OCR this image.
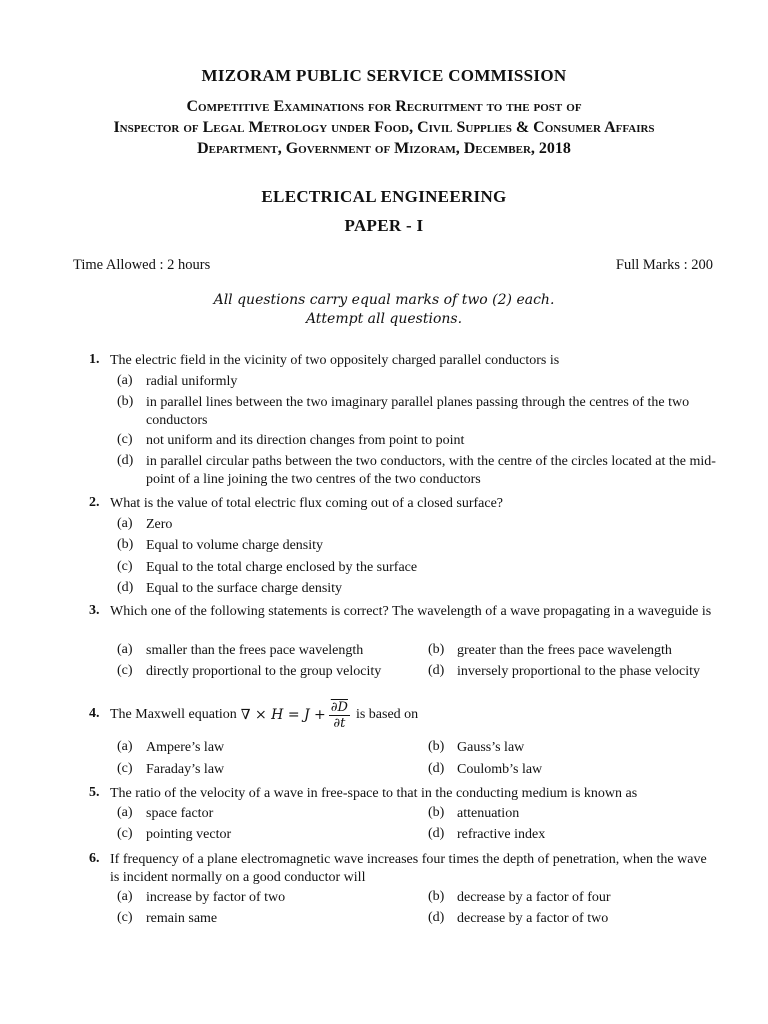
MIZORAM PUBLIC SERVICE COMMISSION
Competitive Examinations for Recruitment to the post of
Inspector of Legal Metrology under Food, Civil Supplies & Consumer Affairs
Department, Government of Mizoram, December, 2018
ELECTRICAL ENGINEERING
PAPER - I
Time Allowed : 2 hours	Full Marks : 200
All questions carry equal marks of two (2) each.
Attempt all questions.
1. The electric field in the vicinity of two oppositely charged parallel conductors is
(a) radial uniformly
(b) in parallel lines between the two imaginary parallel planes passing through the centres of the two conductors
(c) not uniform and its direction changes from point to point
(d) in parallel circular paths between the two conductors, with the centre of the circles located at the mid-point of a line joining the two centres of the two conductors
2. What is the value of total electric flux coming out of a closed surface?
(a) Zero
(b) Equal to volume charge density
(c) Equal to the total charge enclosed by the surface
(d) Equal to the surface charge density
3. Which one of the following statements is correct? The wavelength of a wave propagating in a waveguide is
(a) smaller than the frees pace wavelength	(b) greater than the frees pace wavelength
(c) directly proportional to the group velocity	(d) inversely proportional to the phase velocity
4. The Maxwell equation ∇ × $H = J + \frac{\partial D}{\partial t}$ is based on
(a) Ampere’s law	(b) Gauss’s law
(c) Faraday’s law	(d) Coulomb’s law
5. The ratio of the velocity of a wave in free-space to that in the conducting medium is known as
(a) space factor	(b) attenuation
(c) pointing vector	(d) refractive index
6. If frequency of a plane electromagnetic wave increases four times the depth of penetration, when the wave is incident normally on a good conductor will
(a) increase by factor of two	(b) decrease by a factor of four
(c) remain same	(d) decrease by a factor of two
